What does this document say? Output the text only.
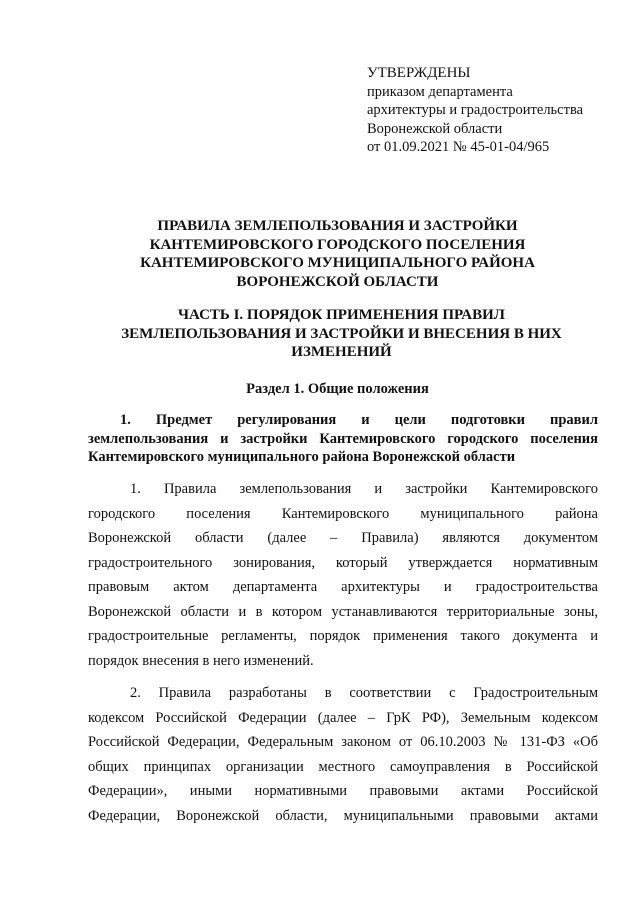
УТВЕРЖДЕНЫ
приказом департамента
архитектуры и градостроительства
Воронежской области
от 01.09.2021 № 45-01-04/965
ПРАВИЛА ЗЕМЛЕПОЛЬЗОВАНИЯ И ЗАСТРОЙКИ
КАНТЕМИРОВСКОГО ГОРОДСКОГО ПОСЕЛЕНИЯ
КАНТЕМИРОВСКОГО МУНИЦИПАЛЬНОГО РАЙОНА
ВОРОНЕЖСКОЙ ОБЛАСТИ
ЧАСТЬ I. ПОРЯДОК ПРИМЕНЕНИЯ ПРАВИЛ
ЗЕМЛЕПОЛЬЗОВАНИЯ И ЗАСТРОЙКИ И ВНЕСЕНИЯ В НИХ
ИЗМЕНЕНИЙ
Раздел 1. Общие положения
1. Предмет регулирования и цели подготовки правил
землепользования и застройки Кантемировского городского поселения
Кантемировского муниципального района Воронежской области
1. Правила землепользования и застройки Кантемировского
городского поселения Кантемировского муниципального района
Воронежской области (далее – Правила) являются документом
градостроительного зонирования, который утверждается нормативным
правовым актом департамента архитектуры и градостроительства
Воронежской области и в котором устанавливаются территориальные зоны,
градостроительные регламенты, порядок применения такого документа и
порядок внесения в него изменений.
2. Правила разработаны в соответствии с Градостроительным
кодексом Российской Федерации (далее – ГрК РФ), Земельным кодексом
Российской Федерации, Федеральным законом от 06.10.2003 № 131-ФЗ «Об
общих принципах организации местного самоуправления в Российской
Федерации», иными нормативными правовыми актами Российской
Федерации, Воронежской области, муниципальными правовыми актами
